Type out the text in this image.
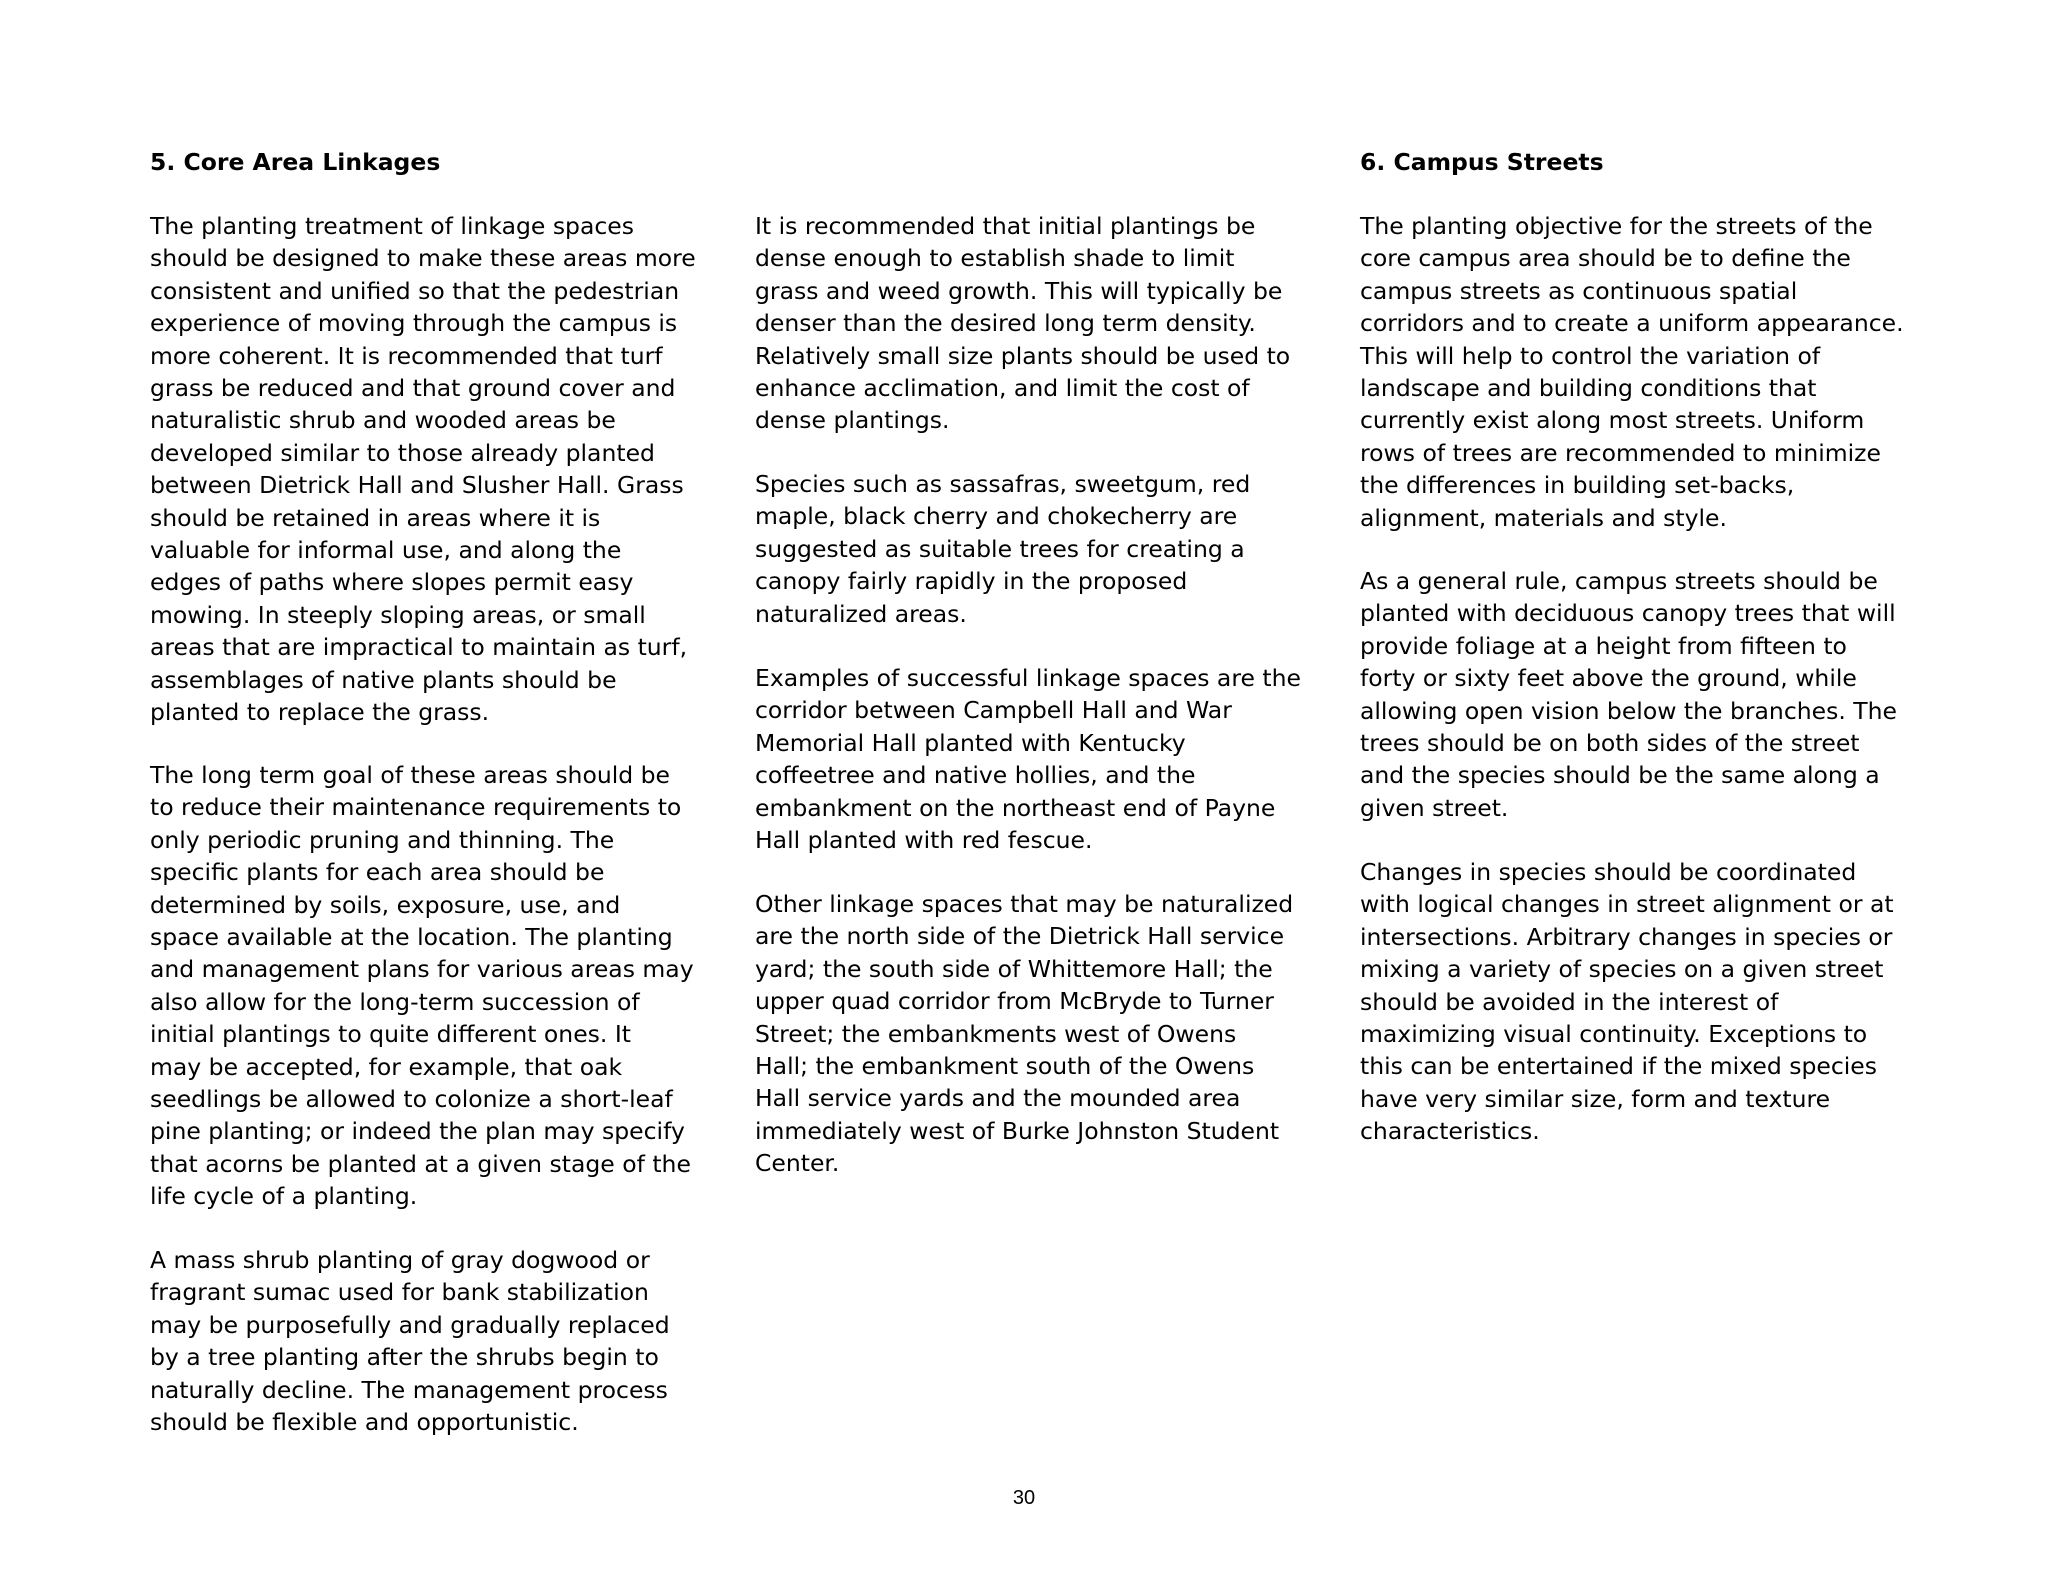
5. Core Area Linkages

The planting treatment of linkage spaces
should be designed to make these areas more
consistent and unified so that the pedestrian
experience of moving through the campus is
more coherent. It is recommended that turf
grass be reduced and that ground cover and
naturalistic shrub and wooded areas be
developed similar to those already planted
between Dietrick Hall and Slusher Hall. Grass
should be retained in areas where it is
valuable for informal use, and along the
edges of paths where slopes permit easy
mowing. In steeply sloping areas, or small
areas that are impractical to maintain as turf,
assemblages of native plants should be
planted to replace the grass.

The long term goal of these areas should be
to reduce their maintenance requirements to
only periodic pruning and thinning. The
specific plants for each area should be
determined by soils, exposure, use, and
space available at the location. The planting
and management plans for various areas may
also allow for the long-term succession of
initial plantings to quite different ones. It
may be accepted, for example, that oak
seedlings be allowed to colonize a short-leaf
pine planting; or indeed the plan may specify
that acorns be planted at a given stage of the
life cycle of a planting.

A mass shrub planting of gray dogwood or
fragrant sumac used for bank stabilization
may be purposefully and gradually replaced
by a tree planting after the shrubs begin to
naturally decline. The management process
should be flexible and opportunistic.

It is recommended that initial plantings be
dense enough to establish shade to limit
grass and weed growth. This will typically be
denser than the desired long term density.
Relatively small size plants should be used to
enhance acclimation, and limit the cost of
dense plantings.

Species such as sassafras, sweetgum, red
maple, black cherry and chokecherry are
suggested as suitable trees for creating a
canopy fairly rapidly in the proposed
naturalized areas.

Examples of successful linkage spaces are the
corridor between Campbell Hall and War
Memorial Hall planted with Kentucky
coffeetree and native hollies, and the
embankment on the northeast end of Payne
Hall planted with red fescue.

Other linkage spaces that may be naturalized
are the north side of the Dietrick Hall service
yard; the south side of Whittemore Hall; the
upper quad corridor from McBryde to Turner
Street; the embankments west of Owens
Hall; the embankment south of the Owens
Hall service yards and the mounded area
immediately west of Burke Johnston Student
Center.

6. Campus Streets

The planting objective for the streets of the
core campus area should be to define the
campus streets as continuous spatial
corridors and to create a uniform appearance.
This will help to control the variation of
landscape and building conditions that
currently exist along most streets. Uniform
rows of trees are recommended to minimize
the differences in building set-backs,
alignment, materials and style.

As a general rule, campus streets should be
planted with deciduous canopy trees that will
provide foliage at a height from fifteen to
forty or sixty feet above the ground, while
allowing open vision below the branches. The
trees should be on both sides of the street
and the species should be the same along a
given street.

Changes in species should be coordinated
with logical changes in street alignment or at
intersections. Arbitrary changes in species or
mixing a variety of species on a given street
should be avoided in the interest of
maximizing visual continuity. Exceptions to
this can be entertained if the mixed species
have very similar size, form and texture
characteristics.

30
